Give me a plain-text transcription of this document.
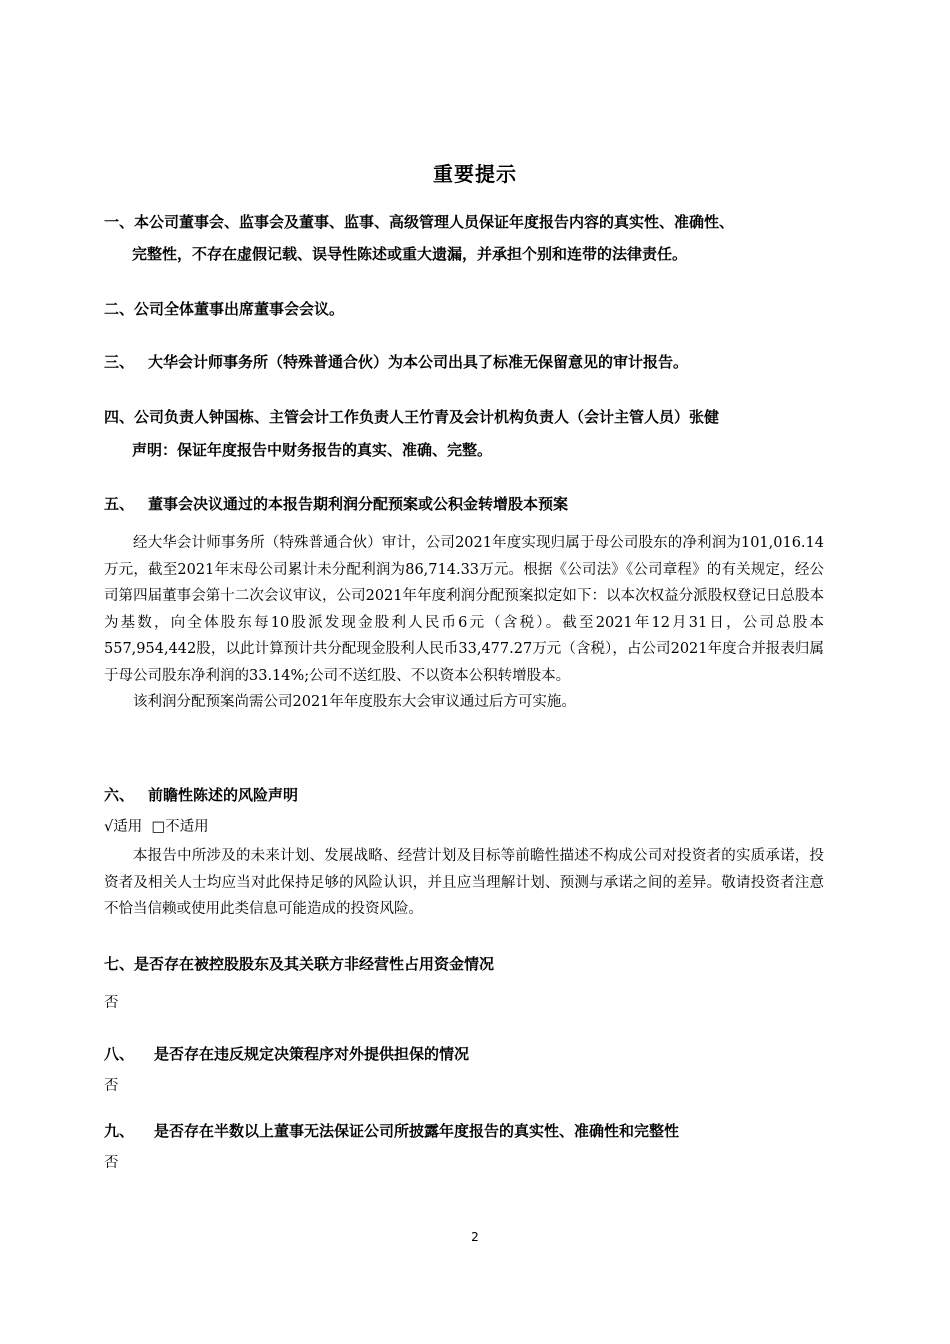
重要提示
一、本公司董事会、监事会及董事、监事、高级管理人员保证年度报告内容的真实性、准确性、
完整性，不存在虚假记载、误导性陈述或重大遗漏，并承担个别和连带的法律责任。
二、公司全体董事出席董事会会议。
三、 大华会计师事务所（特殊普通合伙）为本公司出具了标准无保留意见的审计报告。
四、公司负责人钟国栋、主管会计工作负责人王竹青及会计机构负责人（会计主管人员）张健
声明：保证年度报告中财务报告的真实、准确、完整。
五、 董事会决议通过的本报告期利润分配预案或公积金转增股本预案

经大华会计师事务所（特殊普通合伙）审计，公司2021年度实现归属于母公司股东的净利润为101,016.14万元，截至2021年末母公司累计未分配利润为86,714.33万元。根据《公司法》《公司章程》的有关规定，经公司第四届董事会第十二次会议审议，公司2021年年度利润分配预案拟定如下：以本次权益分派股权登记日总股本为基数，向全体股东每10股派发现金股利人民币6元（含税）。截至2021年12月31日，公司总股本557,954,442股，以此计算预计共分配现金股利人民币33,477.27万元（含税），占公司2021年度合并报表归属于母公司股东净利润的33.14%;公司不送红股、不以资本公积转增股本。

该利润分配预案尚需公司2021年年度股东大会审议通过后方可实施。

六、 前瞻性陈述的风险声明
√适用 □不适用

本报告中所涉及的未来计划、发展战略、经营计划及目标等前瞻性描述不构成公司对投资者的实质承诺，投资者及相关人士均应当对此保持足够的风险认识，并且应当理解计划、预测与承诺之间的差异。敬请投资者注意不恰当信赖或使用此类信息可能造成的投资风险。

七、是否存在被控股股东及其关联方非经营性占用资金情况
否
八、 是否存在违反规定决策程序对外提供担保的情况
否
九、 是否存在半数以上董事无法保证公司所披露年度报告的真实性、准确性和完整性
否
2
